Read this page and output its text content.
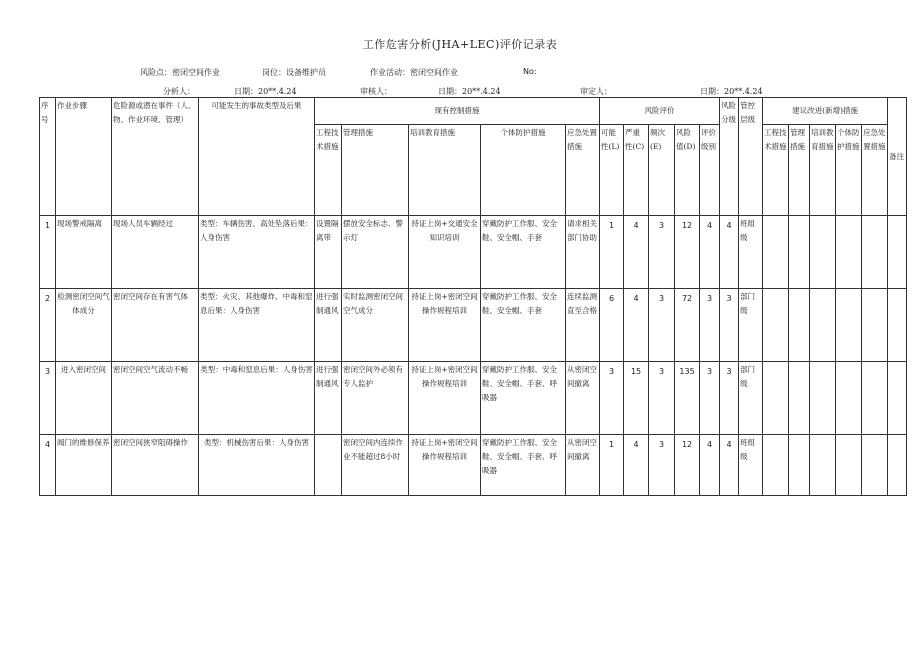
工作危害分析(JHA+LEC)评价记录表
风险点：密闭空间作业	岗位：设备维护员	作业活动：密闭空间作业	No:
分析人：	日期：20**.4.24	审核人：	日期：20**.4.24	审定人：	日期：20**.4.24
序号	作业步骤	危险源或潜在事件（人、物、作业环境、管理）	可能发生的事故类型及后果	现有控制措施					风险评价					风险分级	管控层级	建议改进(新增)措施					备注
				工程技术措施	管理措施	培训教育措施	个体防护措施	应急处置措施	可能性(L)	严重性(C)	频次(E)	风险值(D)	评价级别			工程技术措施	管理措施	培训教育措施	个体防护措施	应急处置措施	
1	现场警戒隔离	现场人员车辆经过	类型：车辆伤害、高处坠落后果：人身伤害	设置隔离带	摆放安全标志、警示灯	持证上岗+交通安全知识培训	穿戴防护工作服、安全鞋、安全帽、手套	请求相关部门协助	1	4	3	12	4	4	班组级						
2	检测密闭空间气体成分	密闭空间存在有害气体	类型：火灾、其他爆炸、中毒和窒息后果：人身伤害	进行强制通风	实时监测密闭空间空气成分	持证上岗+密闭空间操作规程培训	穿戴防护工作服、安全鞋、安全帽、手套	连续监测直至合格	6	4	3	72	3	3	部门级						
3	进入密闭空间	密闭空间空气流动不畅	类型：中毒和窒息后果：人身伤害	进行强制通风	密闭空间外必须有专人监护	持证上岗+密闭空间操作规程培训	穿戴防护工作服、安全鞋、安全帽、手套、呼吸器	从密闭空间撤离	3	15	3	135	3	3	部门级						
4	阀门的维修保养	密闭空间狭窄阻碍操作	类型：机械伤害后果：人身伤害		密闭空间内连续作业不能超过8小时	持证上岗+密闭空间操作规程培训	穿戴防护工作服、安全鞋、安全帽、手套、呼吸器	从密闭空间撤离	1	4	3	12	4	4	班组级						
